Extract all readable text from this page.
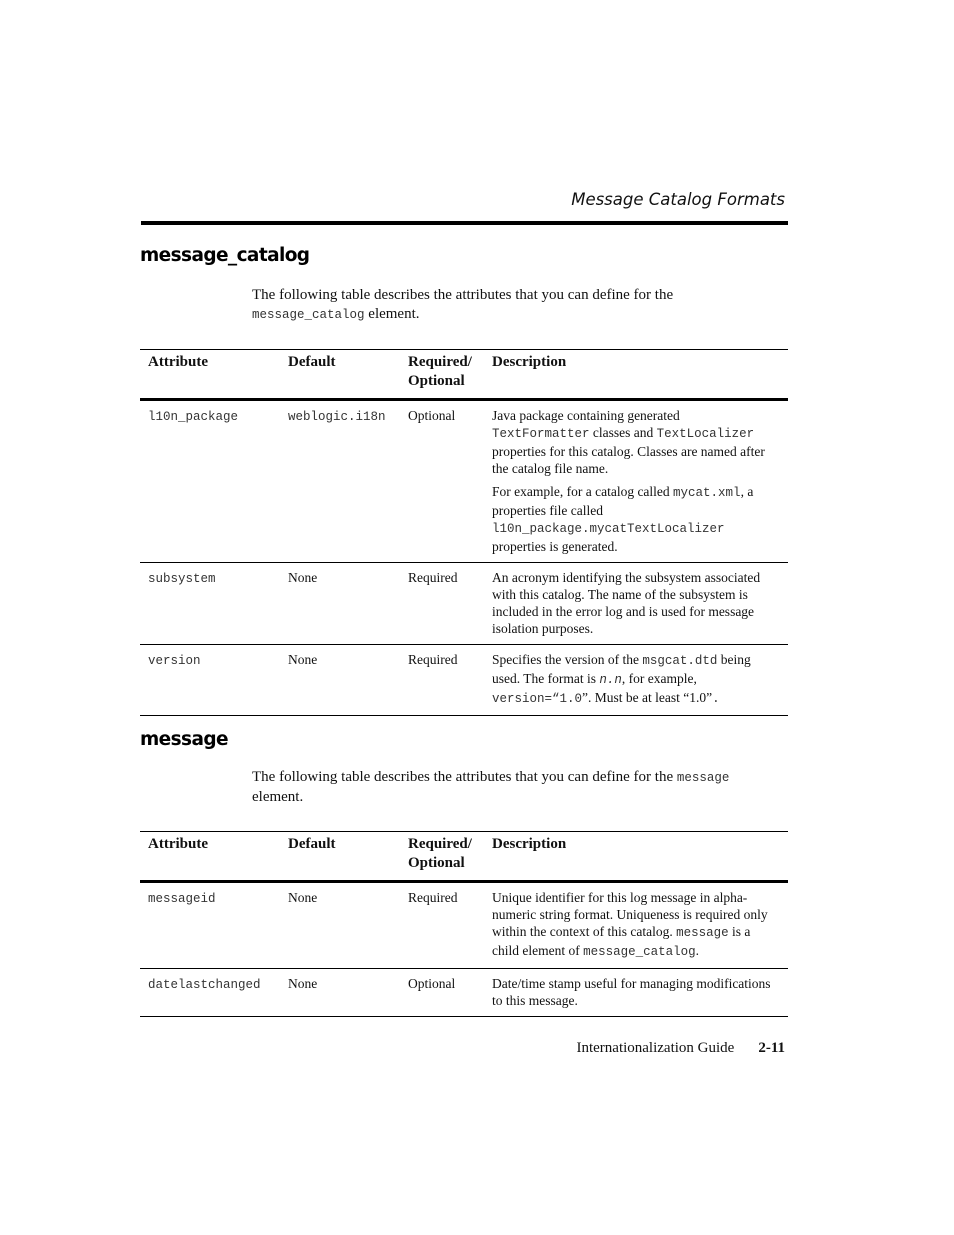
Message Catalog Formats
message_catalog
The following table describes the attributes that you can define for the
message_catalog element.
Attribute	Default	Required/
Optional	Description
l10n_package	weblogic.i18n	Optional	Java package containing generated TextFormatter classes and TextLocalizer properties for this catalog. Classes are named after the catalog file name.

For example, for a catalog called mycat.xml, a properties file called l10n_package.mycatTextLocalizer properties is generated.

subsystem	None	Required	An acronym identifying the subsystem associated with this catalog. The name of the subsystem is included in the error log and is used for message isolation purposes.
version	None	Required	Specifies the version of the msgcat.dtd being used. The format is n.n, for example, version=“1.0”. Must be at least “1.0”.
message
The following table describes the attributes that you can define for the message
element.
Attribute	Default	Required/
Optional	Description
messageid	None	Required	Unique identifier for this log message in alpha-numeric string format. Uniqueness is required only within the context of this catalog. message is a child element of message_catalog.
datelastchanged	None	Optional	Date/time stamp useful for managing modifications to this message.
Internationalization Guide 2-11
